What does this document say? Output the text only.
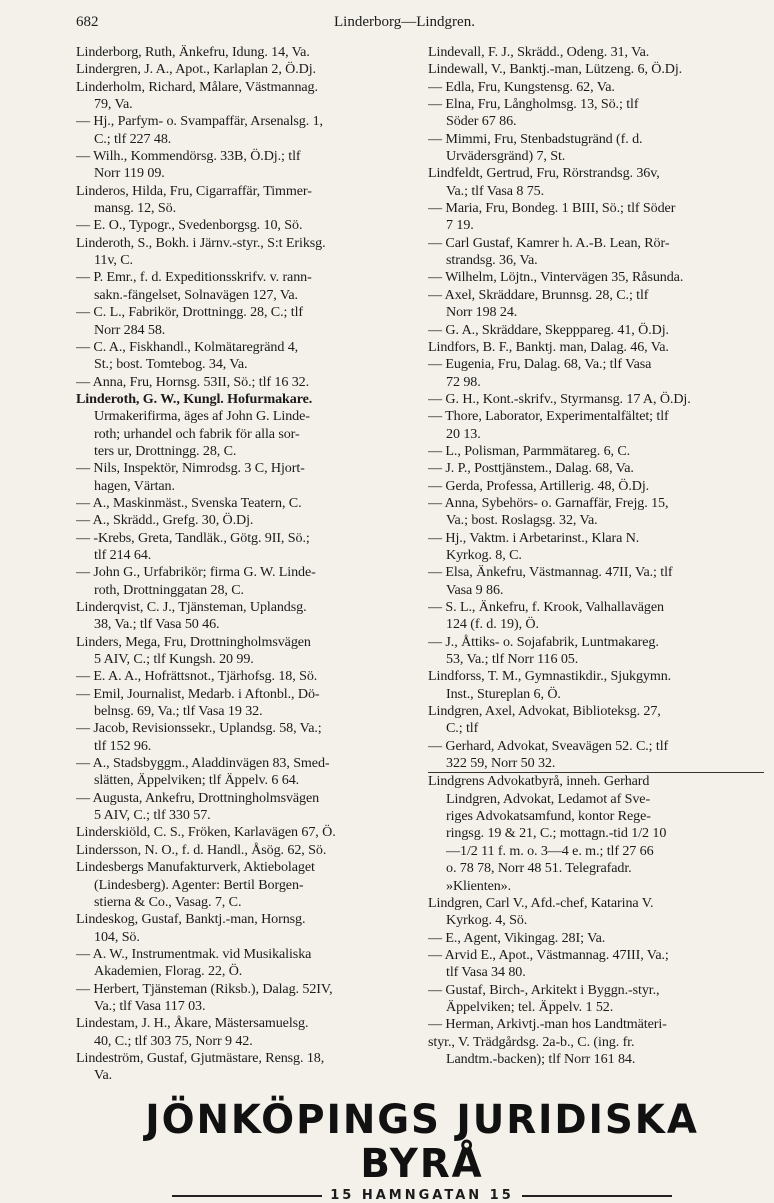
682	Linderborg—Lindgren.
Linderborg, Ruth, Änkefru, Idung. 14, Va.
Lindergren, J. A., Apot., Karlaplan 2, Ö.Dj.
Linderholm, Richard, Målare, Västmannag.
79, Va.
— Hj., Parfym- o. Svampaffär, Arsenalsg. 1,
C.; tlf 227 48.
— Wilh., Kommendörsg. 33B, Ö.Dj.; tlf
Norr 119 09.
Linderos, Hilda, Fru, Cigarraffär, Timmer-
mansg. 12, Sö.
— E. O., Typogr., Svedenborgsg. 10, Sö.
Linderoth, S., Bokh. i Järnv.-styr., S:t Eriksg.
11v, C.
— P. Emr., f. d. Expeditionsskrifv. v. rann-
sakn.-fängelset, Solnavägen 127, Va.
— C. L., Fabrikör, Drottningg. 28, C.; tlf
Norr 284 58.
— C. A., Fiskhandl., Kolmätaregränd 4,
St.; bost. Tomtebog. 34, Va.
— Anna, Fru, Hornsg. 53II, Sö.; tlf 16 32.
Linderoth, G. W., Kungl. Hofurmakare.
Urmakerifirma, äges af John G. Linde-
roth; urhandel och fabrik för alla sor-
ters ur, Drottningg. 28, C.
— Nils, Inspektör, Nimrodsg. 3 C, Hjort-
hagen, Värtan.
— A., Maskinmäst., Svenska Teatern, C.
— A., Skrädd., Grefg. 30, Ö.Dj.
— -Krebs, Greta, Tandläk., Götg. 9II, Sö.;
tlf 214 64.
— John G., Urfabrikör; firma G. W. Linde-
roth, Drottninggatan 28, C.
Linderqvist, C. J., Tjänsteman, Uplandsg.
38, Va.; tlf Vasa 50 46.
Linders, Mega, Fru, Drottningholmsvägen
5 AIV, C.; tlf Kungsh. 20 99.
— E. A. A., Hofrättsnot., Tjärhofsg. 18, Sö.
— Emil, Journalist, Medarb. i Aftonbl., Dö-
belnsg. 69, Va.; tlf Vasa 19 32.
— Jacob, Revisionssekr., Uplandsg. 58, Va.;
tlf 152 96.
— A., Stadsbyggm., Aladdinvägen 83, Smed-
slätten, Äppelviken; tlf Äppelv. 6 64.
— Augusta, Ankefru, Drottningholmsvägen
5 AIV, C.; tlf 330 57.
Linderskiöld, C. S., Fröken, Karlavägen 67, Ö.
Lindersson, N. O., f. d. Handl., Åsög. 62, Sö.
Lindesbergs Manufakturverk, Aktiebolaget
(Lindesberg). Agenter: Bertil Borgen-
stierna & Co., Vasag. 7, C.
Lindeskog, Gustaf, Banktj.-man, Hornsg.
104, Sö.
— A. W., Instrumentmak. vid Musikaliska
Akademien, Florag. 22, Ö.
— Herbert, Tjänsteman (Riksb.), Dalag. 52IV,
Va.; tlf Vasa 117 03.
Lindestam, J. H., Åkare, Mästersamuelsg.
40, C.; tlf 303 75, Norr 9 42.
Lindeström, Gustaf, Gjutmästare, Rensg. 18,
Va.
Lindevall, F. J., Skrädd., Odeng. 31, Va.
Lindewall, V., Banktj.-man, Lützeng. 6, Ö.Dj.
— Edla, Fru, Kungstensg. 62, Va.
— Elna, Fru, Långholmsg. 13, Sö.; tlf
Söder 67 86.
— Mimmi, Fru, Stenbadstugränd (f. d.
Urvädersgränd) 7, St.
Lindfeldt, Gertrud, Fru, Rörstrandsg. 36v,
Va.; tlf Vasa 8 75.
— Maria, Fru, Bondeg. 1 BIII, Sö.; tlf Söder
7 19.
— Carl Gustaf, Kamrer h. A.-B. Lean, Rör-
strandsg. 36, Va.
— Wilhelm, Löjtn., Vintervägen 35, Råsunda.
— Axel, Skräddare, Brunnsg. 28, C.; tlf
Norr 198 24.
— G. A., Skräddare, Skepppareg. 41, Ö.Dj.
Lindfors, B. F., Banktj. man, Dalag. 46, Va.
— Eugenia, Fru, Dalag. 68, Va.; tlf Vasa
72 98.
— G. H., Kont.-skrifv., Styrmansg. 17 A, Ö.Dj.
— Thore, Laborator, Experimentalfältet; tlf
20 13.
— L., Polisman, Parmmätareg. 6, C.
— J. P., Posttjänstem., Dalag. 68, Va.
— Gerda, Professa, Artillerig. 48, Ö.Dj.
— Anna, Sybehörs- o. Garnaffär, Frejg. 15,
Va.; bost. Roslagsg. 32, Va.
— Hj., Vaktm. i Arbetarinst., Klara N.
Kyrkog. 8, C.
— Elsa, Änkefru, Västmannag. 47II, Va.; tlf
Vasa 9 86.
— S. L., Änkefru, f. Krook, Valhallavägen
124 (f. d. 19), Ö.
— J., Åttiks- o. Sojafabrik, Luntmakareg.
53, Va.; tlf Norr 116 05.
Lindforss, T. M., Gymnastikdir., Sjukgymn.
Inst., Stureplan 6, Ö.
Lindgren, Axel, Advokat, Biblioteksg. 27,
C.; tlf
— Gerhard, Advokat, Sveavägen 52. C.; tlf
322 59, Norr 50 32.
Lindgrens Advokatbyrå, inneh. Gerhard
Lindgren, Advokat, Ledamot af Sve-
riges Advokatsamfund, kontor Rege-
ringsg. 19 & 21, C.; mottagn.-tid 1/2 10
—1/2 11 f. m. o. 3—4 e. m.; tlf 27 66
o. 78 78, Norr 48 51. Telegrafadr.
»Klienten».
Lindgren, Carl V., Afd.-chef, Katarina V.
Kyrkog. 4, Sö.
— E., Agent, Vikingag. 28I; Va.
— Arvid E., Apot., Västmannag. 47III, Va.;
tlf Vasa 34 80.
— Gustaf, Birch-, Arkitekt i Byggn.-styr.,
Äppelviken; tel. Äppelv. 1 52.
— Herman, Arkivtj.-man hos Landtmäteri-
styr., V. Trädgårdsg. 2a-b., C. (ing. fr.
Landtm.-backen); tlf Norr 161 84.
JÖNKÖPINGS JURIDISKA BYRÅ
15 HAMNGATAN 15
